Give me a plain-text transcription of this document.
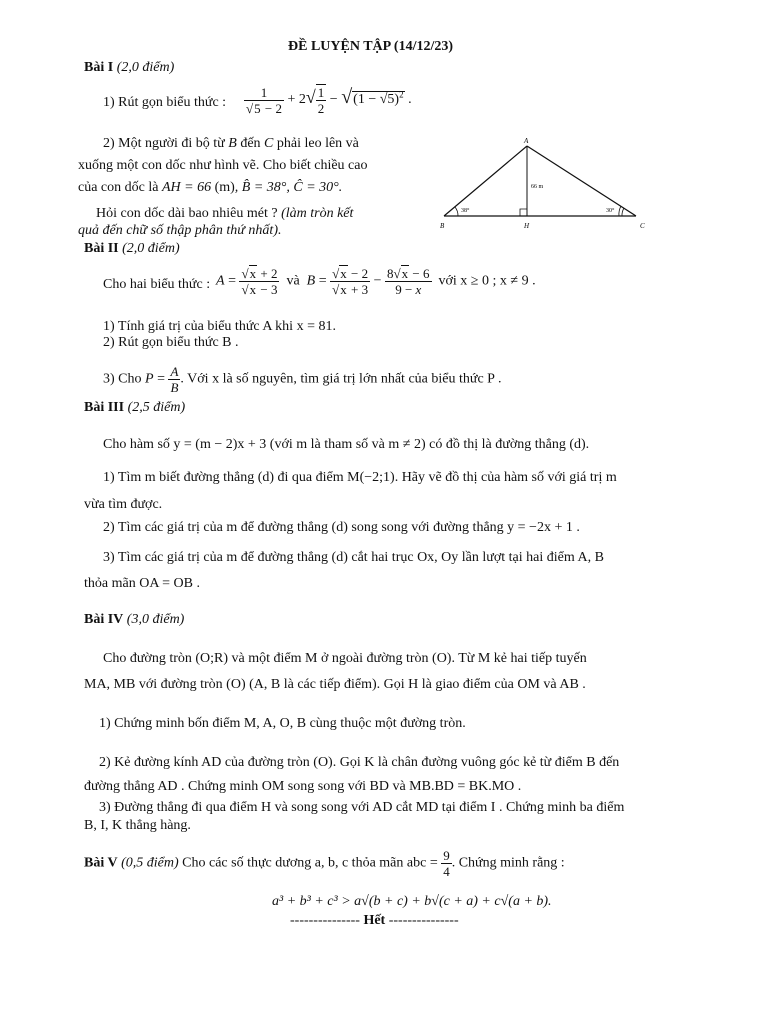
ĐỀ LUYỆN TẬP (14/12/23)
Bài I (2,0 điểm)
1) Rút gọn biểu thức : $\frac{1}{√5 - 2} + 2√ \frac{1}{2} - √(1 - √5)^2$ .
2) Một người đi bộ từ B đến C phải leo lên và
xuống một con dốc như hình vẽ. Cho biết chiều cao
của con dốc là AH = 66 (m), B̂ = 38°, Ĉ = 30°.
Hỏi con dốc dài bao nhiêu mét ? (làm tròn kết
quả đến chữ số thập phân thứ nhất).
A
B	H	C
66 m
38°	30°
Bài II (2,0 điểm)
Cho hai biểu thức : $A = \frac{√x + 2}{√x - 3}$ và $B = \frac{√x - 2}{√x + 3} - \frac{8√x - 6}{9 - x}$ với x ≥ 0 ; x ≠ 9 .
1) Tính giá trị của biểu thức A khi x = 81.
2) Rút gọn biểu thức B .
3) Cho $P = \frac{A}{B}$ . Với x là số nguyên, tìm giá trị lớn nhất của biểu thức P .
Bài III (2,5 điểm)
Cho hàm số y = (m − 2)x + 3 (với m là tham số và m ≠ 2) có đồ thị là đường thẳng (d).
1) Tìm m biết đường thẳng (d) đi qua điểm M(−2;1). Hãy vẽ đồ thị của hàm số với giá trị m
vừa tìm được.
2) Tìm các giá trị của m để đường thẳng (d) song song với đường thẳng y = −2x + 1 .
3) Tìm các giá trị của m để đường thẳng (d) cắt hai trục Ox, Oy lần lượt tại hai điểm A, B
thỏa mãn OA = OB .
Bài IV (3,0 điểm)
Cho đường tròn (O;R) và một điểm M ở ngoài đường tròn (O). Từ M kẻ hai tiếp tuyến
MA, MB với đường tròn (O) (A, B là các tiếp điểm). Gọi H là giao điểm của OM và AB .
1) Chứng minh bốn điểm M, A, O, B cùng thuộc một đường tròn.
2) Kẻ đường kính AD của đường tròn (O). Gọi K là chân đường vuông góc kẻ từ điểm B đến
đường thẳng AD . Chứng minh OM song song với BD và MB.BD = BK.MO .
3) Đường thẳng đi qua điểm H và song song với AD cắt MD tại điểm I . Chứng minh ba điểm
B, I, K thẳng hàng.
Bài V (0,5 điểm) Cho các số thực dương a, b, c thỏa mãn abc = $\frac{9}{4}$ . Chứng minh rằng :
a³ + b³ + c³ > a√(b + c) + b√(c + a) + c√(a + b).
--------------- Hết ---------------
